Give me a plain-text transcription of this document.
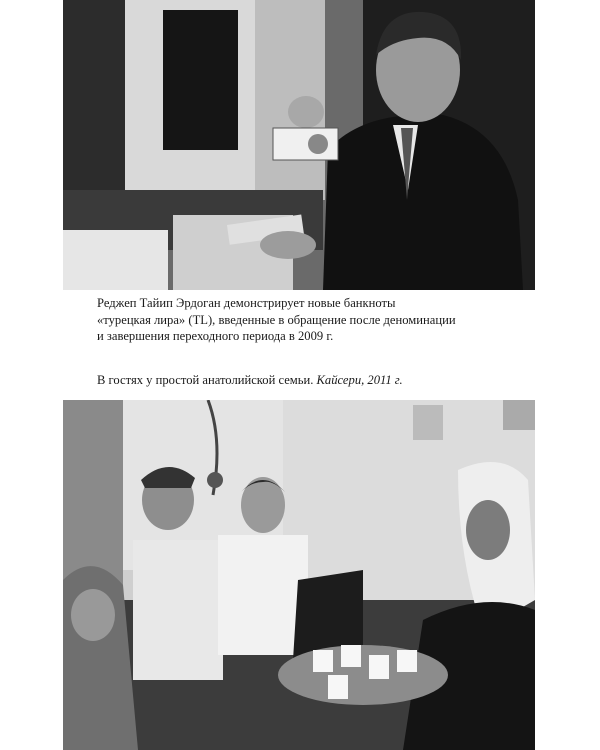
Реджеп Тайип Эрдоган демонстрирует новые банкноты
«турецкая лира» (TL), введенные в обращение после деноминации
и завершения переходного периода в 2009 г.
В гостях у простой анатолийской семьи. Кайсери, 2011 г.
